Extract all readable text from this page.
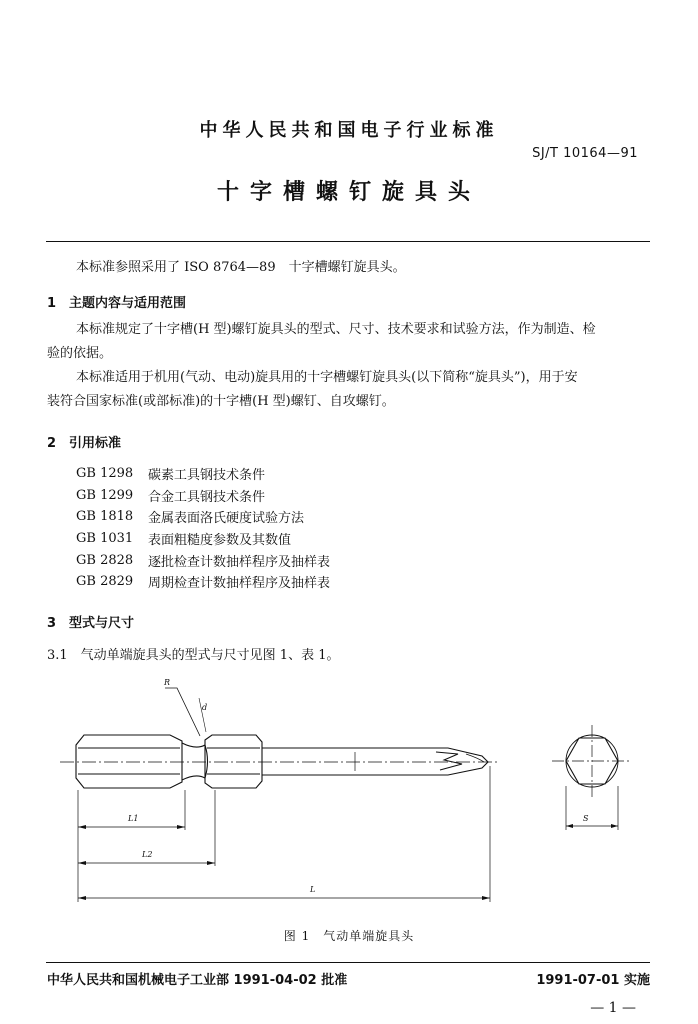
中华人民共和国电子行业标准
SJ/T 10164—91
十字槽螺钉旋具头
本标准参照采用了 ISO 8764—89　十字槽螺钉旋具头。
1　主题内容与适用范围
本标准规定了十字槽(H 型)螺钉旋具头的型式、尺寸、技术要求和试验方法，作为制造、检
验的依据。
本标准适用于机用(气动、电动)旋具用的十字槽螺钉旋具头(以下简称“旋具头”)，用于安
装符合国家标准(或部标准)的十字槽(H 型)螺钉、自攻螺钉。
2　引用标准
GB 1298	碳素工具钢技术条件
GB 1299	合金工具钢技术条件
GB 1818	金属表面洛氏硬度试验方法
GB 1031	表面粗糙度参数及其数值
GB 2828	逐批检查计数抽样程序及抽样表
GB 2829	周期检查计数抽样程序及抽样表
3　型式与尺寸
3.1　气动单端旋具头的型式与尺寸见图 1、表 1。
R
d
L1
L2
L
S
图 1　气动单端旋具头
中华人民共和国机械电子工业部 1991-04-02 批准	1991-07-01 实施
— 1 —
